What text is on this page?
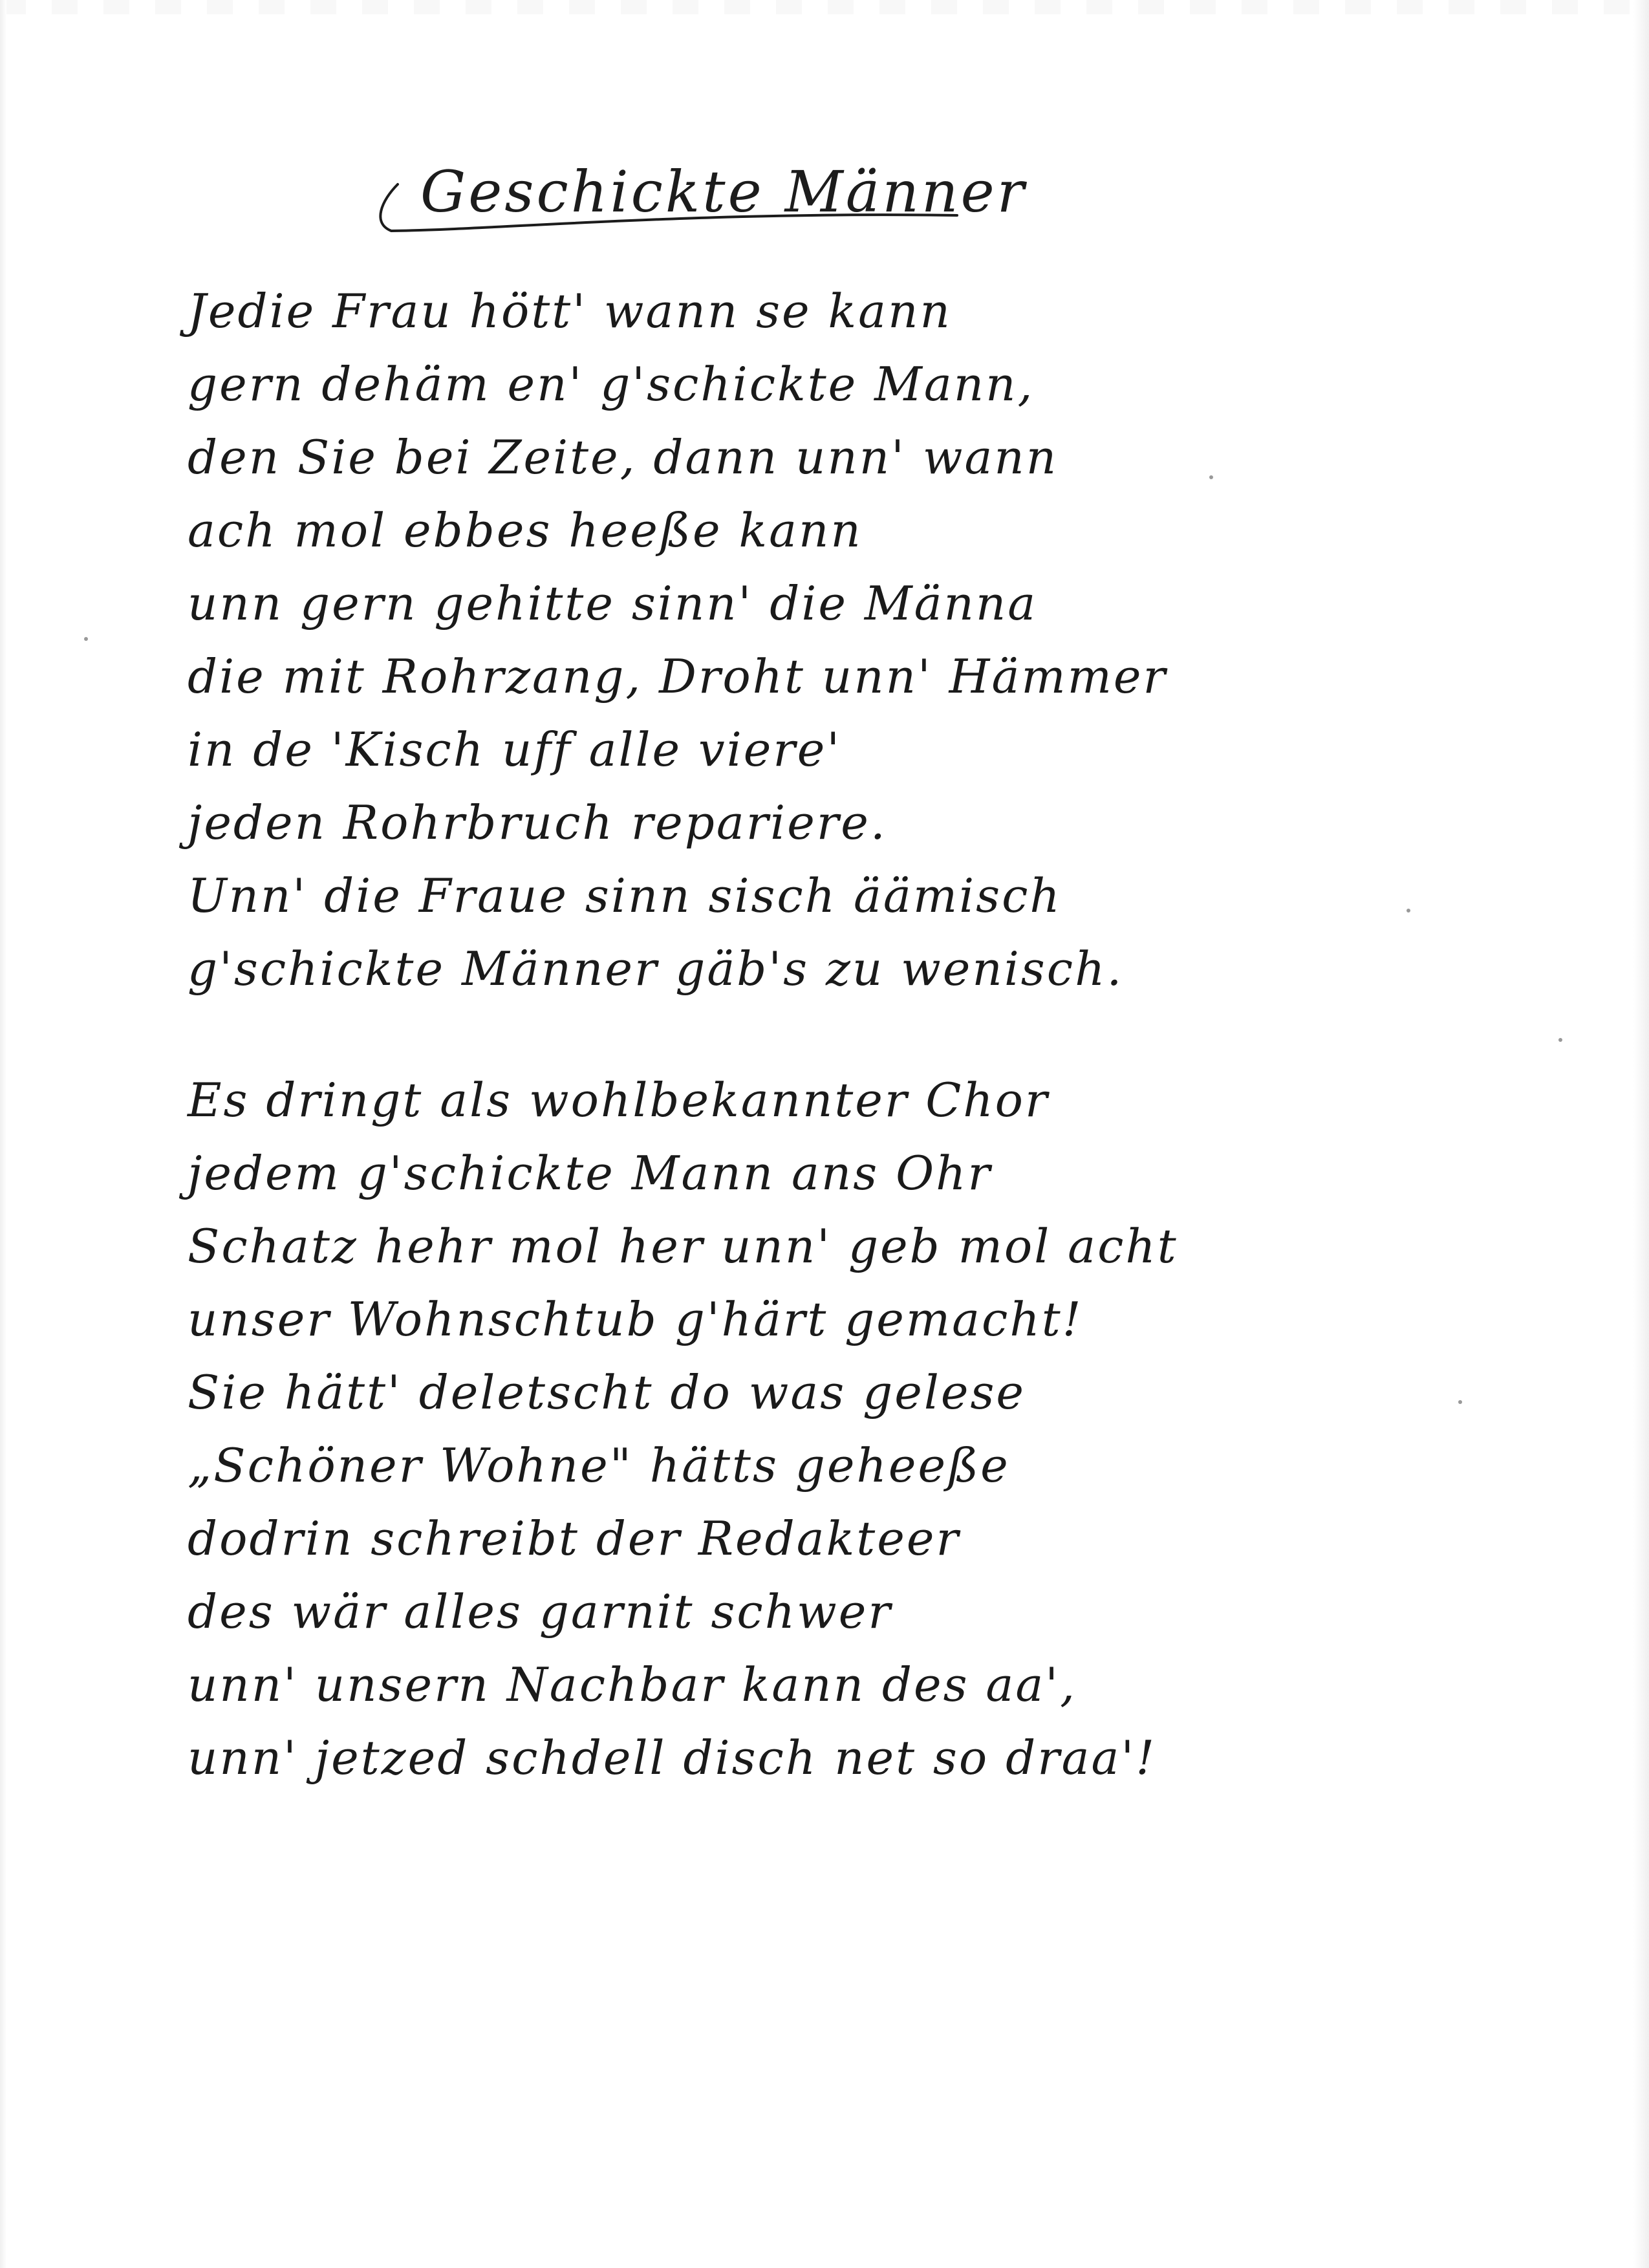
Geschickte Männer
Jedie Frau hött' wann se kann
gern dehäm en' g'schickte Mann,
den Sie bei Zeite, dann unn' wann
ach mol ebbes heeße kann
unn gern gehitte sinn' die Männa
die mit Rohrzang, Droht unn' Hämmer
in de 'Kisch uff alle viere'
jeden Rohrbruch repariere.
Unn' die Fraue sinn sisch äämisch
g'schickte Männer gäb's zu wenisch.
Es dringt als wohlbekannter Chor
jedem g'schickte Mann ans Ohr
Schatz hehr mol her unn' geb mol acht
unser Wohnschtub g'härt gemacht!
Sie hätt' deletscht do was gelese
„Schöner Wohne" hätts geheeße
dodrin schreibt der Redakteer
des wär alles garnit schwer
unn' unsern Nachbar kann des aa',
unn' jetzed schdell disch net so draa'!
